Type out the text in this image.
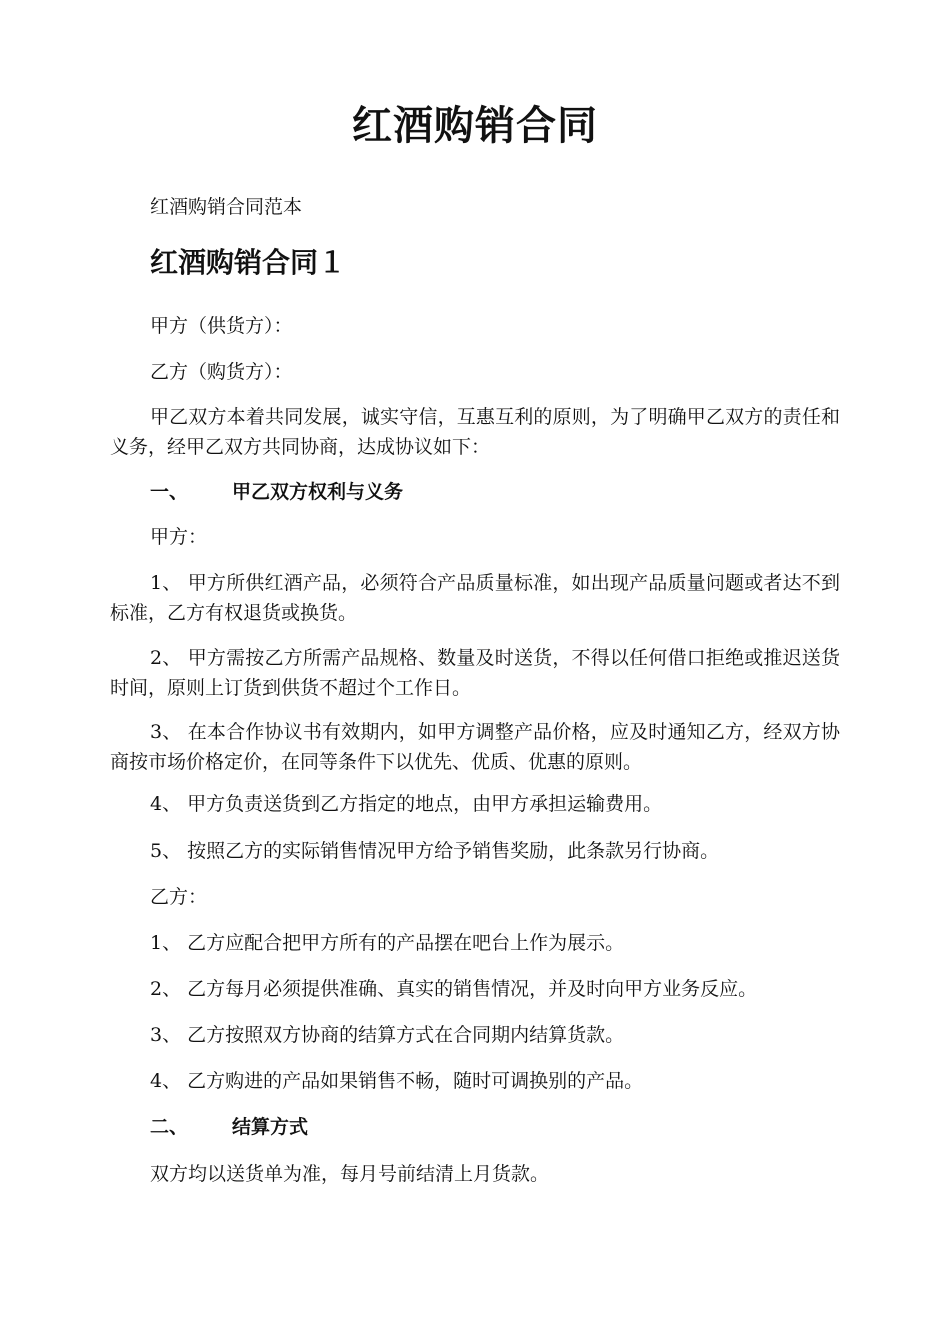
红酒购销合同
红酒购销合同范本
红酒购销合同１
甲方（供货方）：
乙方（购货方）：
甲乙双方本着共同发展，诚实守信，互惠互利的原则，为了明确甲乙双方的责任和义务，经甲乙双方共同协商，达成协议如下：
一、 甲乙双方权利与义务
甲方：
1、 甲方所供红酒产品，必须符合产品质量标准，如出现产品质量问题或者达不到标准，乙方有权退货或换货。
2、 甲方需按乙方所需产品规格、数量及时送货，不得以任何借口拒绝或推迟送货时间，原则上订货到供货不超过个工作日。
3、 在本合作协议书有效期内，如甲方调整产品价格，应及时通知乙方，经双方协商按市场价格定价，在同等条件下以优先、优质、优惠的原则。
4、 甲方负责送货到乙方指定的地点，由甲方承担运输费用。
5、 按照乙方的实际销售情况甲方给予销售奖励，此条款另行协商。
乙方：
1、 乙方应配合把甲方所有的产品摆在吧台上作为展示。
2、 乙方每月必须提供准确、真实的销售情况，并及时向甲方业务反应。
3、 乙方按照双方协商的结算方式在合同期内结算货款。
4、 乙方购进的产品如果销售不畅，随时可调换别的产品。
二、 结算方式
双方均以送货单为准，每月号前结清上月货款。
